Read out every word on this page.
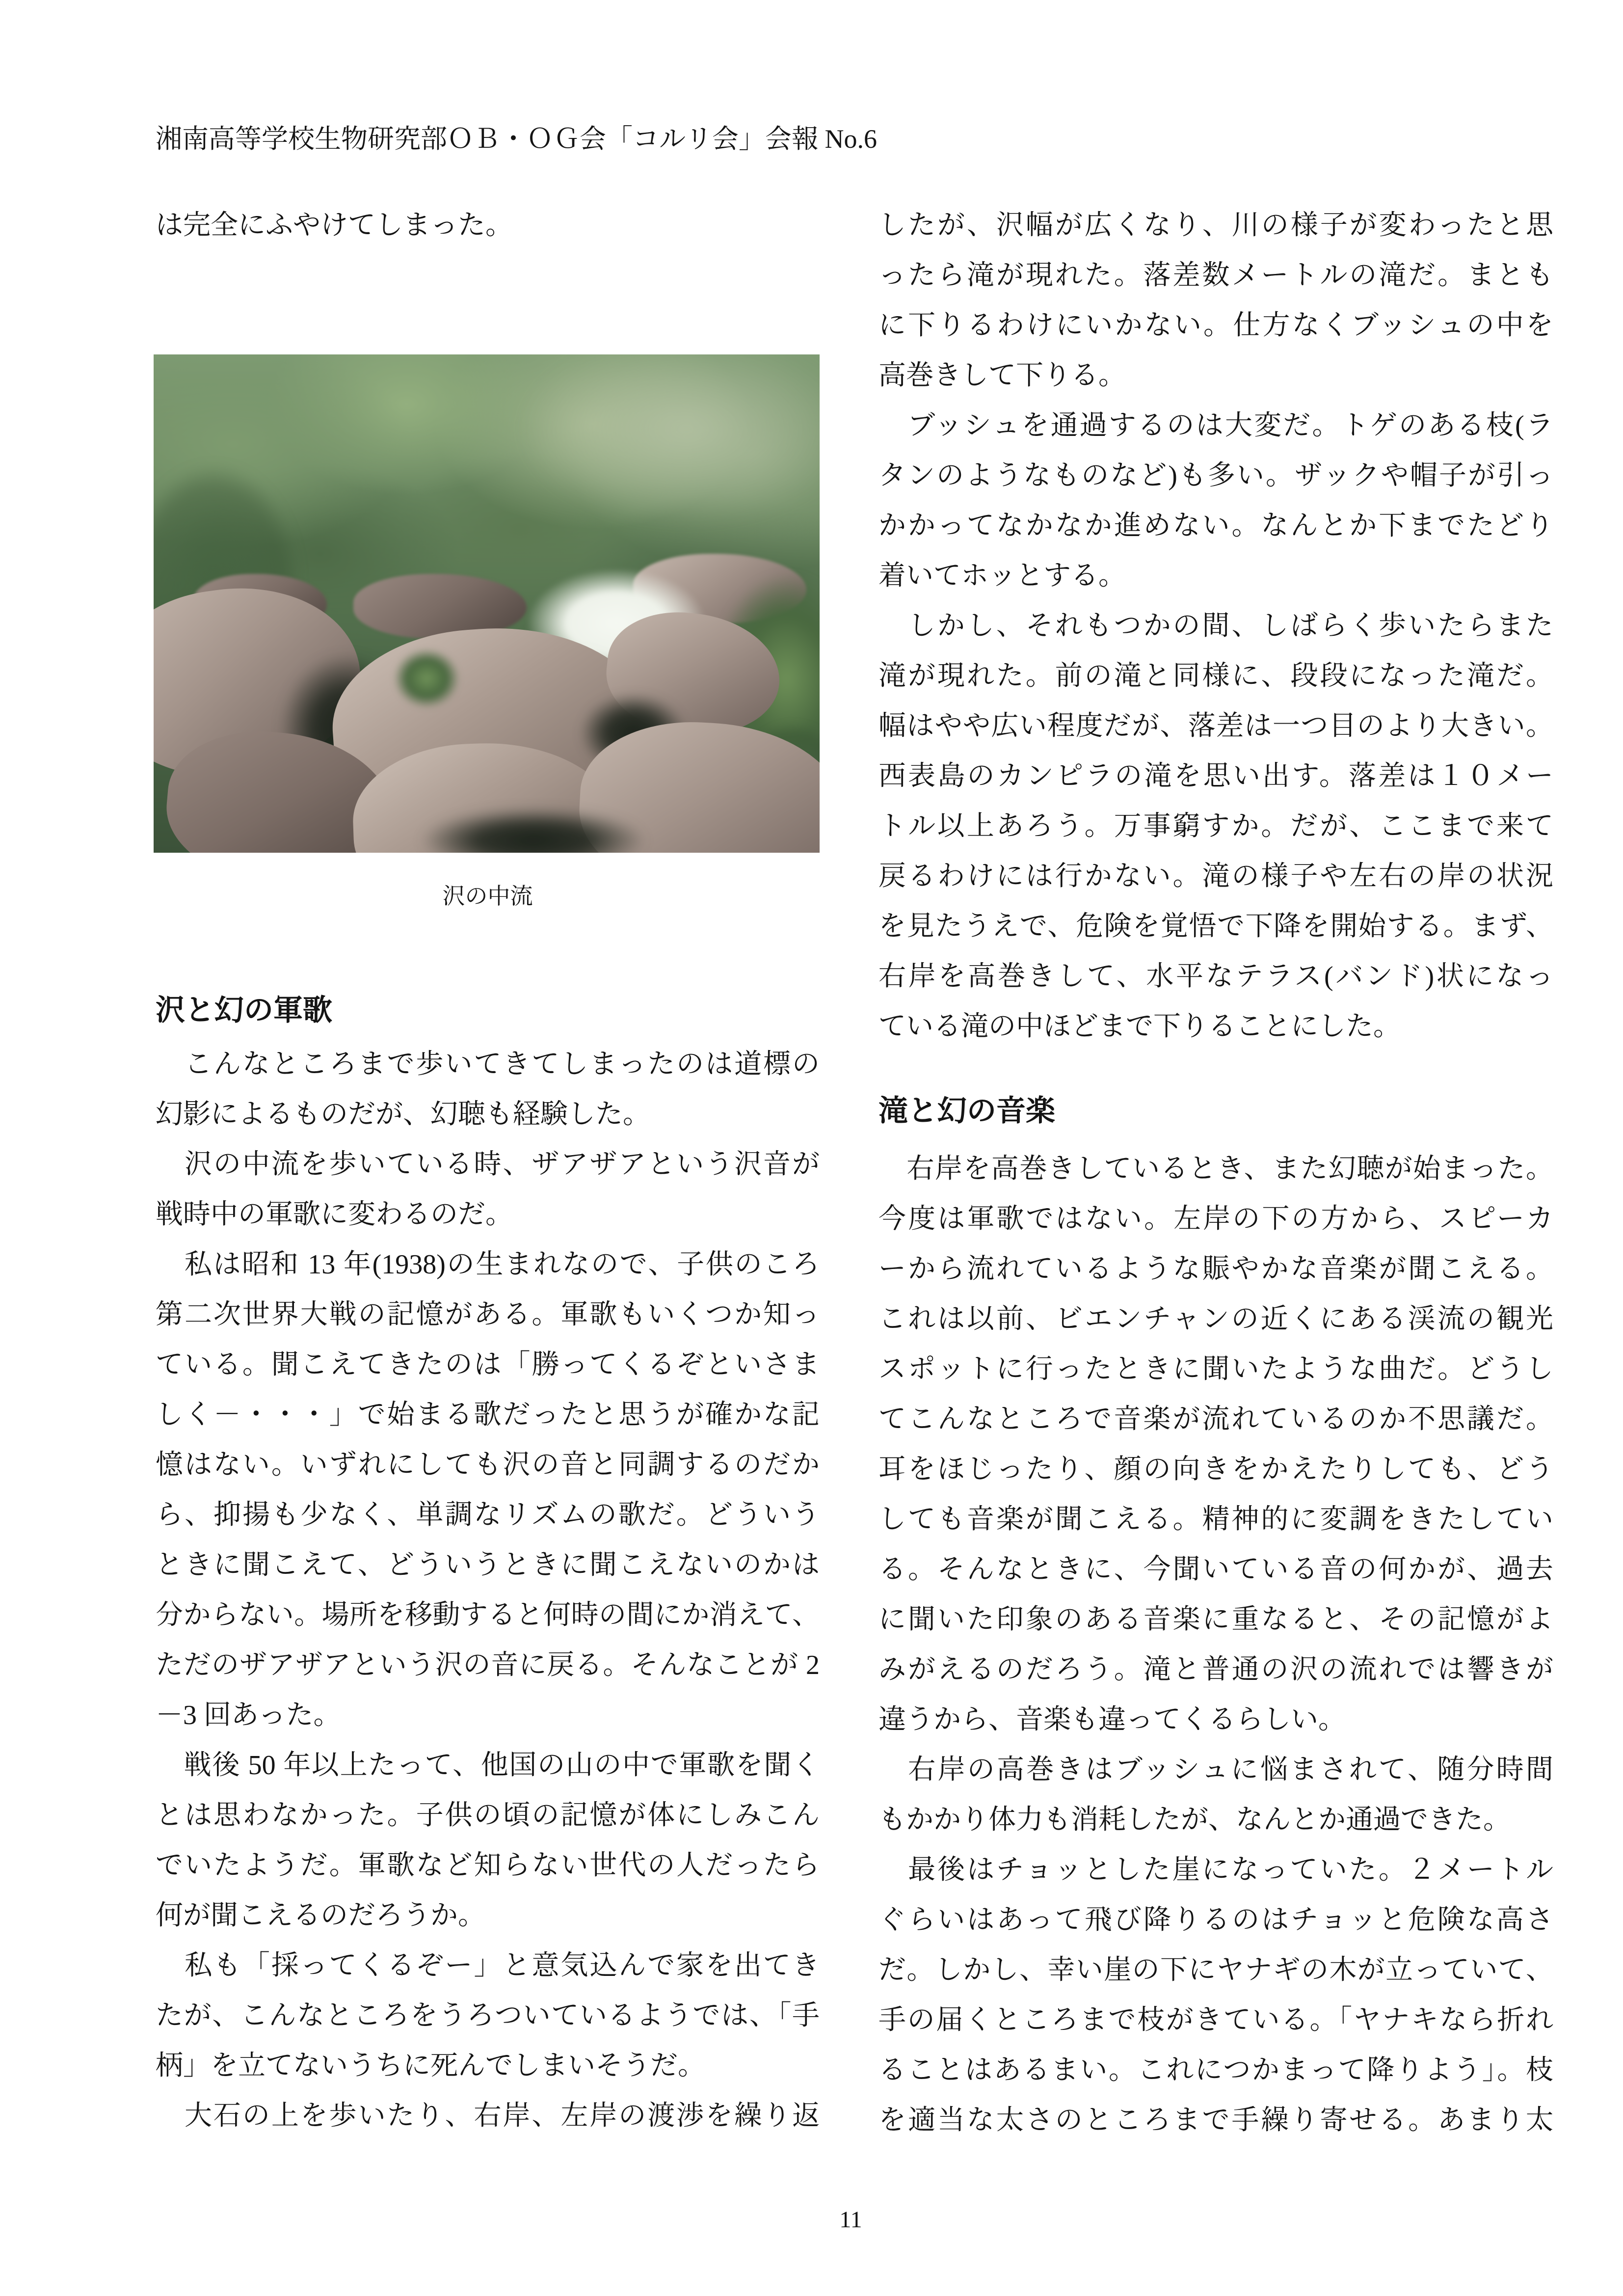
湘南高等学校生物研究部ＯＢ・ＯＧ会「コルリ会」会報 No.6
は完全にふやけてしまった。
沢の中流
沢と幻の軍歌
　こんなところまで歩いてきてしまったのは道標の
幻影によるものだが、幻聴も経験した。
　沢の中流を歩いている時、ザアザアという沢音が
戦時中の軍歌に変わるのだ。
　私は昭和 13 年(1938)の生まれなので、子供のころ
第二次世界大戦の記憶がある。軍歌もいくつか知っ
ている。聞こえてきたのは「勝ってくるぞといさま
しく－・・・」で始まる歌だったと思うが確かな記
憶はない。いずれにしても沢の音と同調するのだか
ら、抑揚も少なく、単調なリズムの歌だ。どういう
ときに聞こえて、どういうときに聞こえないのかは
分からない。場所を移動すると何時の間にか消えて、
ただのザアザアという沢の音に戻る。そんなことが 2
－3 回あった。
　戦後 50 年以上たって、他国の山の中で軍歌を聞く
とは思わなかった。子供の頃の記憶が体にしみこん
でいたようだ。軍歌など知らない世代の人だったら
何が聞こえるのだろうか。
　私も「採ってくるぞー」と意気込んで家を出てき
たが、こんなところをうろついているようでは、「手
柄」を立てないうちに死んでしまいそうだ。
　大石の上を歩いたり、右岸、左岸の渡渉を繰り返
したが、沢幅が広くなり、川の様子が変わったと思
ったら滝が現れた。落差数メートルの滝だ。まとも
に下りるわけにいかない。仕方なくブッシュの中を
高巻きして下りる。
　ブッシュを通過するのは大変だ。トゲのある枝(ラ
タンのようなものなど)も多い。ザックや帽子が引っ
かかってなかなか進めない。なんとか下までたどり
着いてホッとする。
　しかし、それもつかの間、しばらく歩いたらまた
滝が現れた。前の滝と同様に、段段になった滝だ。
幅はやや広い程度だが、落差は一つ目のより大きい。
西表島のカンピラの滝を思い出す。落差は１０メー
トル以上あろう。万事窮すか。だが、ここまで来て
戻るわけには行かない。滝の様子や左右の岸の状況
を見たうえで、危険を覚悟で下降を開始する。まず、
右岸を高巻きして、水平なテラス(バンド)状になっ
ている滝の中ほどまで下りることにした。
滝と幻の音楽
　右岸を高巻きしているとき、また幻聴が始まった。
今度は軍歌ではない。左岸の下の方から、スピーカ
ーから流れているような賑やかな音楽が聞こえる。
これは以前、ビエンチャンの近くにある渓流の観光
スポットに行ったときに聞いたような曲だ。どうし
てこんなところで音楽が流れているのか不思議だ。
耳をほじったり、顔の向きをかえたりしても、どう
しても音楽が聞こえる。精神的に変調をきたしてい
る。そんなときに、今聞いている音の何かが、過去
に聞いた印象のある音楽に重なると、その記憶がよ
みがえるのだろう。滝と普通の沢の流れでは響きが
違うから、音楽も違ってくるらしい。
　右岸の高巻きはブッシュに悩まされて、随分時間
もかかり体力も消耗したが、なんとか通過できた。
　最後はチョッとした崖になっていた。２メートル
ぐらいはあって飛び降りるのはチョッと危険な高さ
だ。しかし、幸い崖の下にヤナギの木が立っていて、
手の届くところまで枝がきている。「ヤナキなら折れ
ることはあるまい。これにつかまって降りよう」。枝
を適当な太さのところまで手繰り寄せる。あまり太
11
